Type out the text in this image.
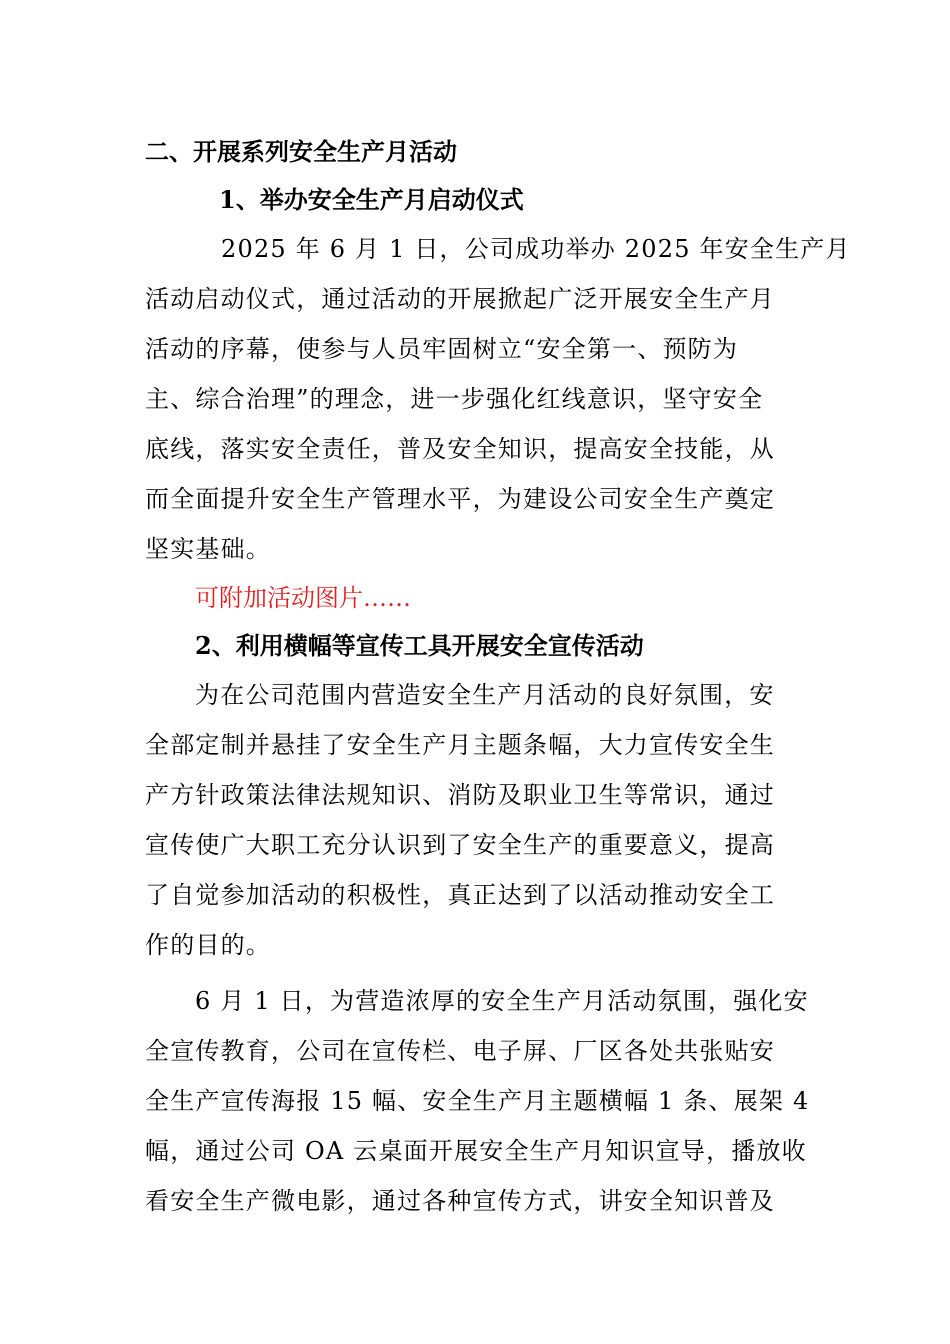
二、开展系列安全生产月活动
1、举办安全生产月启动仪式
2025 年 6 月 1 日，公司成功举办 2025 年安全生产月
活动启动仪式，通过活动的开展掀起广泛开展安全生产月
活动的序幕，使参与人员牢固树立“安全第一、预防为
主、综合治理”的理念，进一步强化红线意识，坚守安全
底线，落实安全责任，普及安全知识，提高安全技能，从
而全面提升安全生产管理水平，为建设公司安全生产奠定
坚实基础。
可附加活动图片……
2、利用横幅等宣传工具开展安全宣传活动
为在公司范围内营造安全生产月活动的良好氛围，安
全部定制并悬挂了安全生产月主题条幅，大力宣传安全生
产方针政策法律法规知识、消防及职业卫生等常识，通过
宣传使广大职工充分认识到了安全生产的重要意义，提高
了自觉参加活动的积极性，真正达到了以活动推动安全工
作的目的。
6 月 1 日，为营造浓厚的安全生产月活动氛围，强化安
全宣传教育，公司在宣传栏、电子屏、厂区各处共张贴安
全生产宣传海报 15 幅、安全生产月主题横幅 1 条、展架 4
幅，通过公司 OA 云桌面开展安全生产月知识宣导，播放收
看安全生产微电影，通过各种宣传方式，讲安全知识普及
